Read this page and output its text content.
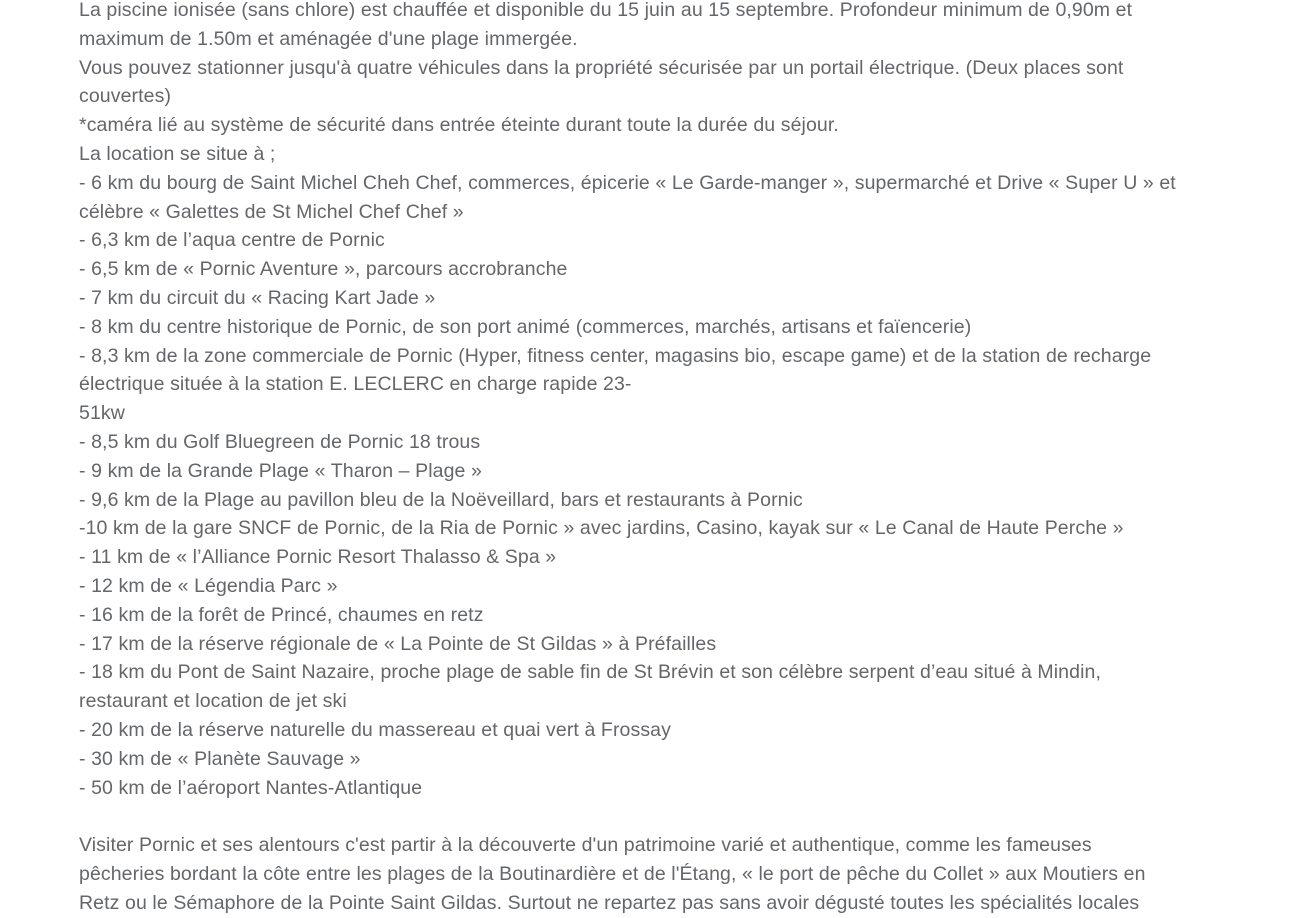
La piscine ionisée (sans chlore) est chauffée et disponible du 15 juin au 15 septembre. Profondeur minimum de 0,90m et
maximum de 1.50m et aménagée d'une plage immergée.
Vous pouvez stationner jusqu'à quatre véhicules dans la propriété sécurisée par un portail électrique. (Deux places sont
couvertes)
*caméra lié au système de sécurité dans entrée éteinte durant toute la durée du séjour.
La location se situe à ;
- 6 km du bourg de Saint Michel Cheh Chef, commerces, épicerie « Le Garde-manger », supermarché et Drive « Super U » et
célèbre « Galettes de St Michel Chef Chef »
- 6,3 km de l’aqua centre de Pornic
- 6,5 km de « Pornic Aventure », parcours accrobranche
- 7 km du circuit du « Racing Kart Jade »
- 8 km du centre historique de Pornic, de son port animé (commerces, marchés, artisans et faïencerie)
- 8,3 km de la zone commerciale de Pornic (Hyper, fitness center, magasins bio, escape game) et de la station de recharge
électrique située à la station E. LECLERC en charge rapide 23-
51kw
- 8,5 km du Golf Bluegreen de Pornic 18 trous
- 9 km de la Grande Plage « Tharon – Plage »
- 9,6 km de la Plage au pavillon bleu de la Noëveillard, bars et restaurants à Pornic
-10 km de la gare SNCF de Pornic, de la Ria de Pornic » avec jardins, Casino, kayak sur « Le Canal de Haute Perche »
- 11 km de « l’Alliance Pornic Resort Thalasso & Spa »
- 12 km de « Légendia Parc »
- 16 km de la forêt de Princé, chaumes en retz
- 17 km de la réserve régionale de « La Pointe de St Gildas » à Préfailles
- 18 km du Pont de Saint Nazaire, proche plage de sable fin de St Brévin et son célèbre serpent d’eau situé à Mindin,
restaurant et location de jet ski
- 20 km de la réserve naturelle du massereau et quai vert à Frossay
- 30 km de « Planète Sauvage »
- 50 km de l’aéroport Nantes-Atlantique

Visiter Pornic et ses alentours c'est partir à la découverte d'un patrimoine varié et authentique, comme les fameuses
pêcheries bordant la côte entre les plages de la Boutinardière et de l'Étang, « le port de pêche du Collet » aux Moutiers en
Retz ou le Sémaphore de la Pointe Saint Gildas. Surtout ne repartez pas sans avoir dégusté toutes les spécialités locales
